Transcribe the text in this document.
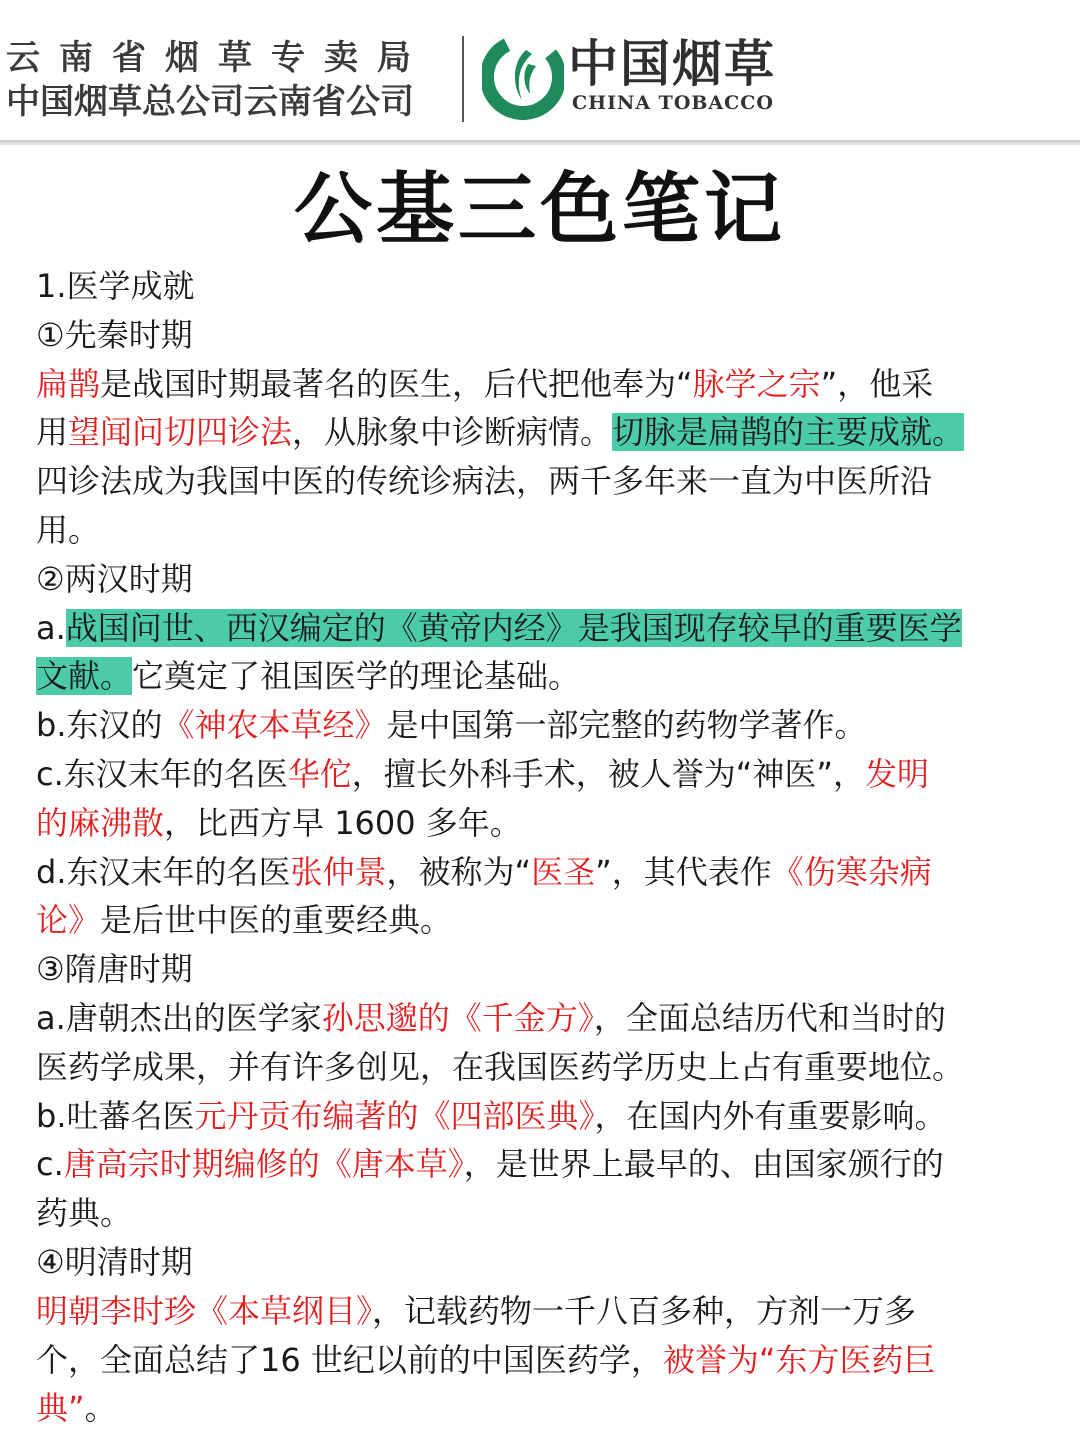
云南省烟草专卖局
中国烟草总公司云南省公司
中国烟草
CHINA TOBACCO
公基三色笔记
1.医学成就
①先秦时期
扁鹊是战国时期最著名的医生，后代把他奉为“脉学之宗”，他采
用望闻问切四诊法，从脉象中诊断病情。切脉是扁鹊的主要成就。
四诊法成为我国中医的传统诊病法，两千多年来一直为中医所沿
用。
②两汉时期
a.战国问世、西汉编定的《黄帝内经》是我国现存较早的重要医学
文献。它奠定了祖国医学的理论基础。
b.东汉的《神农本草经》是中国第一部完整的药物学著作。
c.东汉末年的名医华佗，擅长外科手术，被人誉为“神医”，发明
的麻沸散，比西方早 1600 多年。
d.东汉末年的名医张仲景，被称为“医圣”，其代表作《伤寒杂病
论》是后世中医的重要经典。
③隋唐时期
a.唐朝杰出的医学家孙思邈的《千金方》，全面总结历代和当时的
医药学成果，并有许多创见，在我国医药学历史上占有重要地位。
b.吐蕃名医元丹贡布编著的《四部医典》，在国内外有重要影响。
c.唐高宗时期编修的《唐本草》，是世界上最早的、由国家颁行的
药典。
④明清时期
明朝李时珍《本草纲目》，记载药物一千八百多种，方剂一万多
个，全面总结了16 世纪以前的中国医药学，被誉为“东方医药巨
典”。
